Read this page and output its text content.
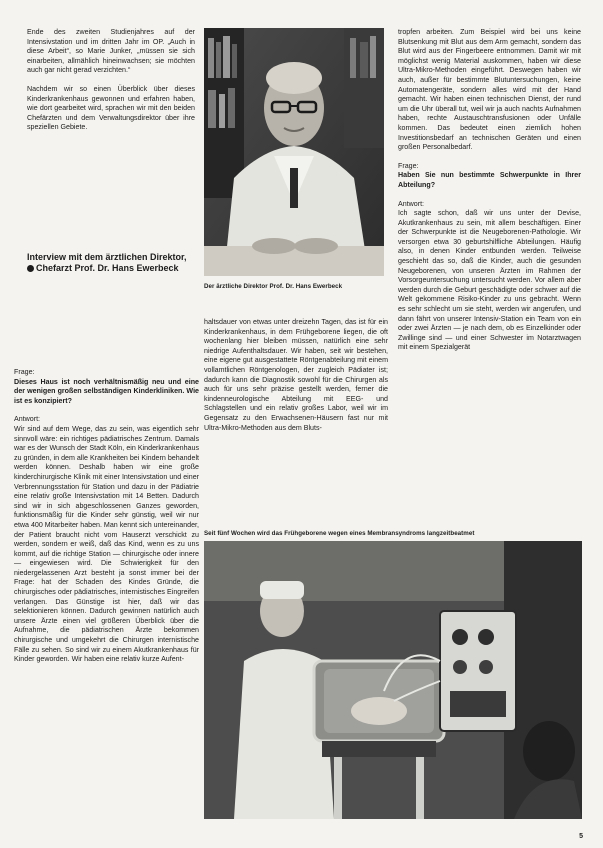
Ende des zweiten Studienjahres auf der Intensivstation und im dritten Jahr im OP. „Auch in diese Arbeit“, so Marie Junker, „müssen sie sich einarbeiten, allmählich hineinwachsen; sie möchten auch gar nicht gerad verzichten.“

Nachdem wir so einen Überblick über dieses Kinderkrankenhaus gewonnen und erfahren haben, wie dort gearbeitet wird, sprachen wir mit den beiden Chefärzten und dem Verwaltungsdirektor über ihre speziellen Gebiete.

Interview mit dem ärztlichen Direktor,
Chefarzt Prof. Dr. Hans Ewerbeck

Frage:

Dieses Haus ist noch verhältnismäßig neu und eine der wenigen großen selbständigen Kinderkliniken. Wie ist es konzipiert?

Antwort:

Wir sind auf dem Wege, das zu sein, was eigentlich sehr sinnvoll wäre: ein richtiges pädiatrisches Zentrum. Damals war es der Wunsch der Stadt Köln, ein Kinderkrankenhaus zu gründen, in dem alle Krankheiten bei Kindern behandelt werden können. Deshalb haben wir eine große kinderchirurgische Klinik mit einer Intensivstation und einer Verbrennungsstation für Station und dazu in der Pädiatrie eine relativ große Intensivstation mit 14 Betten. Dadurch sind wir in sich abgeschlossenen Ganzes geworden, funktionsmäßig für die Kinder sehr günstig, weil wir nur etwa 400 Mitarbeiter haben. Man kennt sich untereinander, der Patient braucht nicht vom Hauserzt verschickt zu werden, sondern er weiß, daß das Kind, wenn es zu uns kommt, auf die richtige Station — chirurgische oder innere — eingewiesen wird. Die Schwierigkeit für den niedergelassenen Arzt besteht ja sonst immer bei der Frage: hat der Schaden des Kindes Gründe, die chirurgisches oder pädiatrisches, internistisches Eingreifen verlangen. Das Günstige ist hier, daß wir das selektionieren können. Dadurch gewinnen natürlich auch unsere Ärzte einen viel größeren Überblick über die Aufnahme, die pädiatrischen Ärzte bekommen chirurgische und umgekehrt die Chirurgen internistische Fälle zu sehen. So sind wir zu einem Akutkrankenhaus für Kinder geworden. Wir haben eine relativ kurze Aufent-

Der ärztliche Direktor Prof. Dr. Hans Ewerbeck

haltsdauer von etwas unter dreizehn Tagen, das ist für ein Kinderkrankenhaus, in dem Frühgeborene liegen, die oft wochenlang hier bleiben müssen, natürlich eine sehr niedrige Aufenthaltsdauer. Wir haben, seit wir bestehen, eine eigene gut ausgestattete Röntgenabteilung mit einem vollamtlichen Röntgenologen, der zugleich Pädiater ist; dadurch kann die Diagnostik sowohl für die Chirurgen als auch für uns sehr präzise gestellt werden, ferner die kindenneurologische Abteilung mit EEG- und Schlagstellen und ein relativ großes Labor, weil wir im Gegensatz zu den Erwachsenen-Häusern fast nur mit Ultra-Mikro-Methoden aus dem Bluts-

tropfen arbeiten. Zum Beispiel wird bei uns keine Blutsenkung mit Blut aus dem Arm gemacht, sondern das Blut wird aus der Fingerbeere entnommen. Damit wir mit möglichst wenig Material auskommen, haben wir diese Ultra-Mikro-Methoden eingeführt. Deswegen haben wir auch, außer für bestimmte Blutuntersuchungen, keine Automatengeräte, sondern alles wird mit der Hand gemacht. Wir haben einen technischen Dienst, der rund um die Uhr überall tut, weil wir ja auch nachts Aufnahmen haben, rechte Austauschtransfusionen oder Unfälle kommen. Das bedeutet einen ziemlich hohen Investitionsbedarf an technischen Geräten und einen großen Personalbedarf.

Frage:

Haben Sie nun bestimmte Schwerpunkte in Ihrer Abteilung?

Antwort:

Ich sagte schon, daß wir uns unter der Devise, Akutkrankenhaus zu sein, mit allem beschäftigen. Einer der Schwerpunkte ist die Neugeborenen-Pathologie. Wir versorgen etwa 30 geburtshilfliche Abteilungen. Häufig also, in denen Kinder entbunden werden. Teilweise geschieht das so, daß die Kinder, auch die gesunden Neugeborenen, von unseren Ärzten im Rahmen der Vorsorgeuntersuchung untersucht werden. Vor allem aber werden durch die Geburt geschädigte oder schwer auf die Welt gekommene Risiko-Kinder zu uns gebracht. Wenn es sehr schlecht um sie steht, werden wir angerufen, und dann fährt von unserer Intensiv-Station ein Team von ein oder zwei Ärzten — je nach dem, ob es Einzelkinder oder Zwillinge sind — und einer Schwester im Notarztwagen mit einem Spezialgerät

Seit fünf Wochen wird das Frühgeborene wegen eines Membransyndroms langzeitbeatmet
5
